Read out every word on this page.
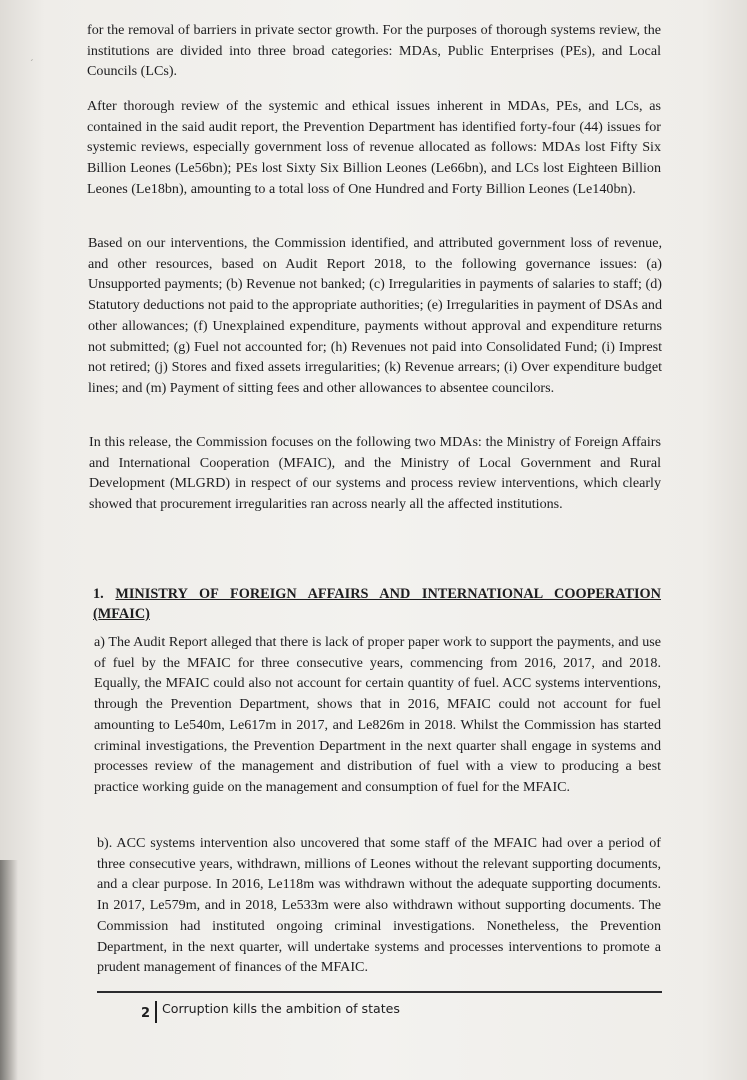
ˊ

for the removal of barriers in private sector growth. For the purposes of thorough systems review, the institutions are divided into three broad categories: MDAs, Public Enterprises (PEs), and Local Councils (LCs).

After thorough review of the systemic and ethical issues inherent in MDAs, PEs, and LCs, as contained in the said audit report, the Prevention Department has identified forty-four (44) issues for systemic reviews, especially government loss of revenue allocated as follows: MDAs lost Fifty Six Billion Leones (Le56bn); PEs lost Sixty Six Billion Leones (Le66bn), and LCs lost Eighteen Billion Leones (Le18bn), amounting to a total loss of One Hundred and Forty Billion Leones (Le140bn).

Based on our interventions, the Commission identified, and attributed government loss of revenue, and other resources, based on Audit Report 2018, to the following governance issues: (a) Unsupported payments; (b) Revenue not banked; (c) Irregularities in payments of salaries to staff; (d) Statutory deductions not paid to the appropriate authorities; (e) Irregularities in payment of DSAs and other allowances; (f) Unexplained expenditure, payments without approval and expenditure returns not submitted; (g) Fuel not accounted for; (h) Revenues not paid into Consolidated Fund; (i) Imprest not retired; (j) Stores and fixed assets irregularities; (k) Revenue arrears; (i) Over expenditure budget lines; and (m) Payment of sitting fees and other allowances to absentee councilors.

In this release, the Commission focuses on the following two MDAs: the Ministry of Foreign Affairs and International Cooperation (MFAIC), and the Ministry of Local Government and Rural Development (MLGRD) in respect of our systems and process review interventions, which clearly showed that procurement irregularities ran across nearly all the affected institutions.

1. MINISTRY OF FOREIGN AFFAIRS AND INTERNATIONAL COOPERATION (MFAIC)

a) The Audit Report alleged that there is lack of proper paper work to support the payments, and use of fuel by the MFAIC for three consecutive years, commencing from 2016, 2017, and 2018. Equally, the MFAIC could also not account for certain quantity of fuel. ACC systems interventions, through the Prevention Department, shows that in 2016, MFAIC could not account for fuel amounting to Le540m, Le617m in 2017, and Le826m in 2018. Whilst the Commission has started criminal investigations, the Prevention Department in the next quarter shall engage in systems and processes review of the management and distribution of fuel with a view to producing a best practice working guide on the management and consumption of fuel for the MFAIC.

b). ACC systems intervention also uncovered that some staff of the MFAIC had over a period of three consecutive years, withdrawn, millions of Leones without the relevant supporting documents, and a clear purpose. In 2016, Le118m was withdrawn without the adequate supporting documents. In 2017, Le579m, and in 2018, Le533m were also withdrawn without supporting documents. The Commission had instituted ongoing criminal investigations. Nonetheless, the Prevention Department, in the next quarter, will undertake systems and processes interventions to promote a prudent management of finances of the MFAIC.

2 Corruption kills the ambition of states
